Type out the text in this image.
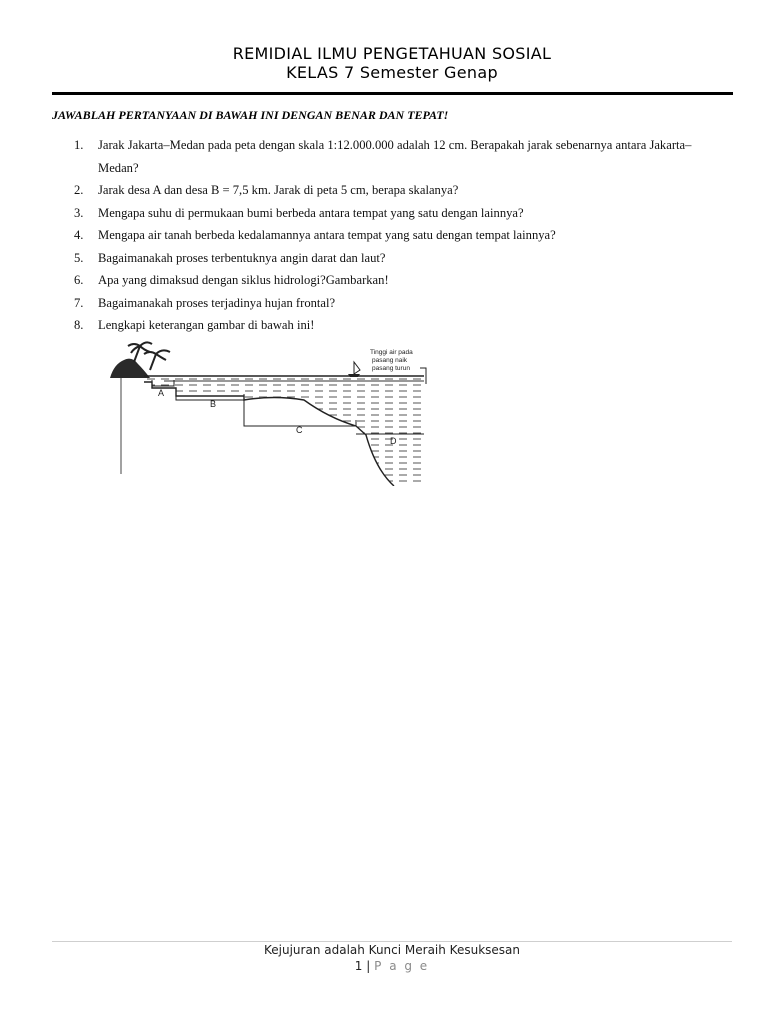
REMIDIAL ILMU PENGETAHUAN SOSIAL
KELAS 7 Semester Genap
JAWABLAH PERTANYAAN DI BAWAH INI DENGAN BENAR DAN TEPAT!
1. Jarak Jakarta–Medan pada peta dengan skala 1:12.000.000 adalah 12 cm. Berapakah jarak sebenarnya antara Jakarta–Medan?
2. Jarak desa A dan desa B = 7,5 km. Jarak di peta 5 cm, berapa skalanya?
3. Mengapa suhu di permukaan bumi berbeda antara tempat yang satu dengan lainnya?
4. Mengapa air tanah berbeda kedalamannya antara tempat yang satu dengan tempat lainnya?
5. Bagaimanakah proses terbentuknya angin darat dan laut?
6. Apa yang dimaksud dengan siklus hidrologi?Gambarkan!
7. Bagaimanakah proses terjadinya hujan frontal?
8. Lengkapi keterangan gambar di bawah ini!
A
B
C
D
Tinggi air pada
pasang naik
pasang turun
Kejujuran adalah Kunci Meraih Kesuksesan
1 | P a g e
